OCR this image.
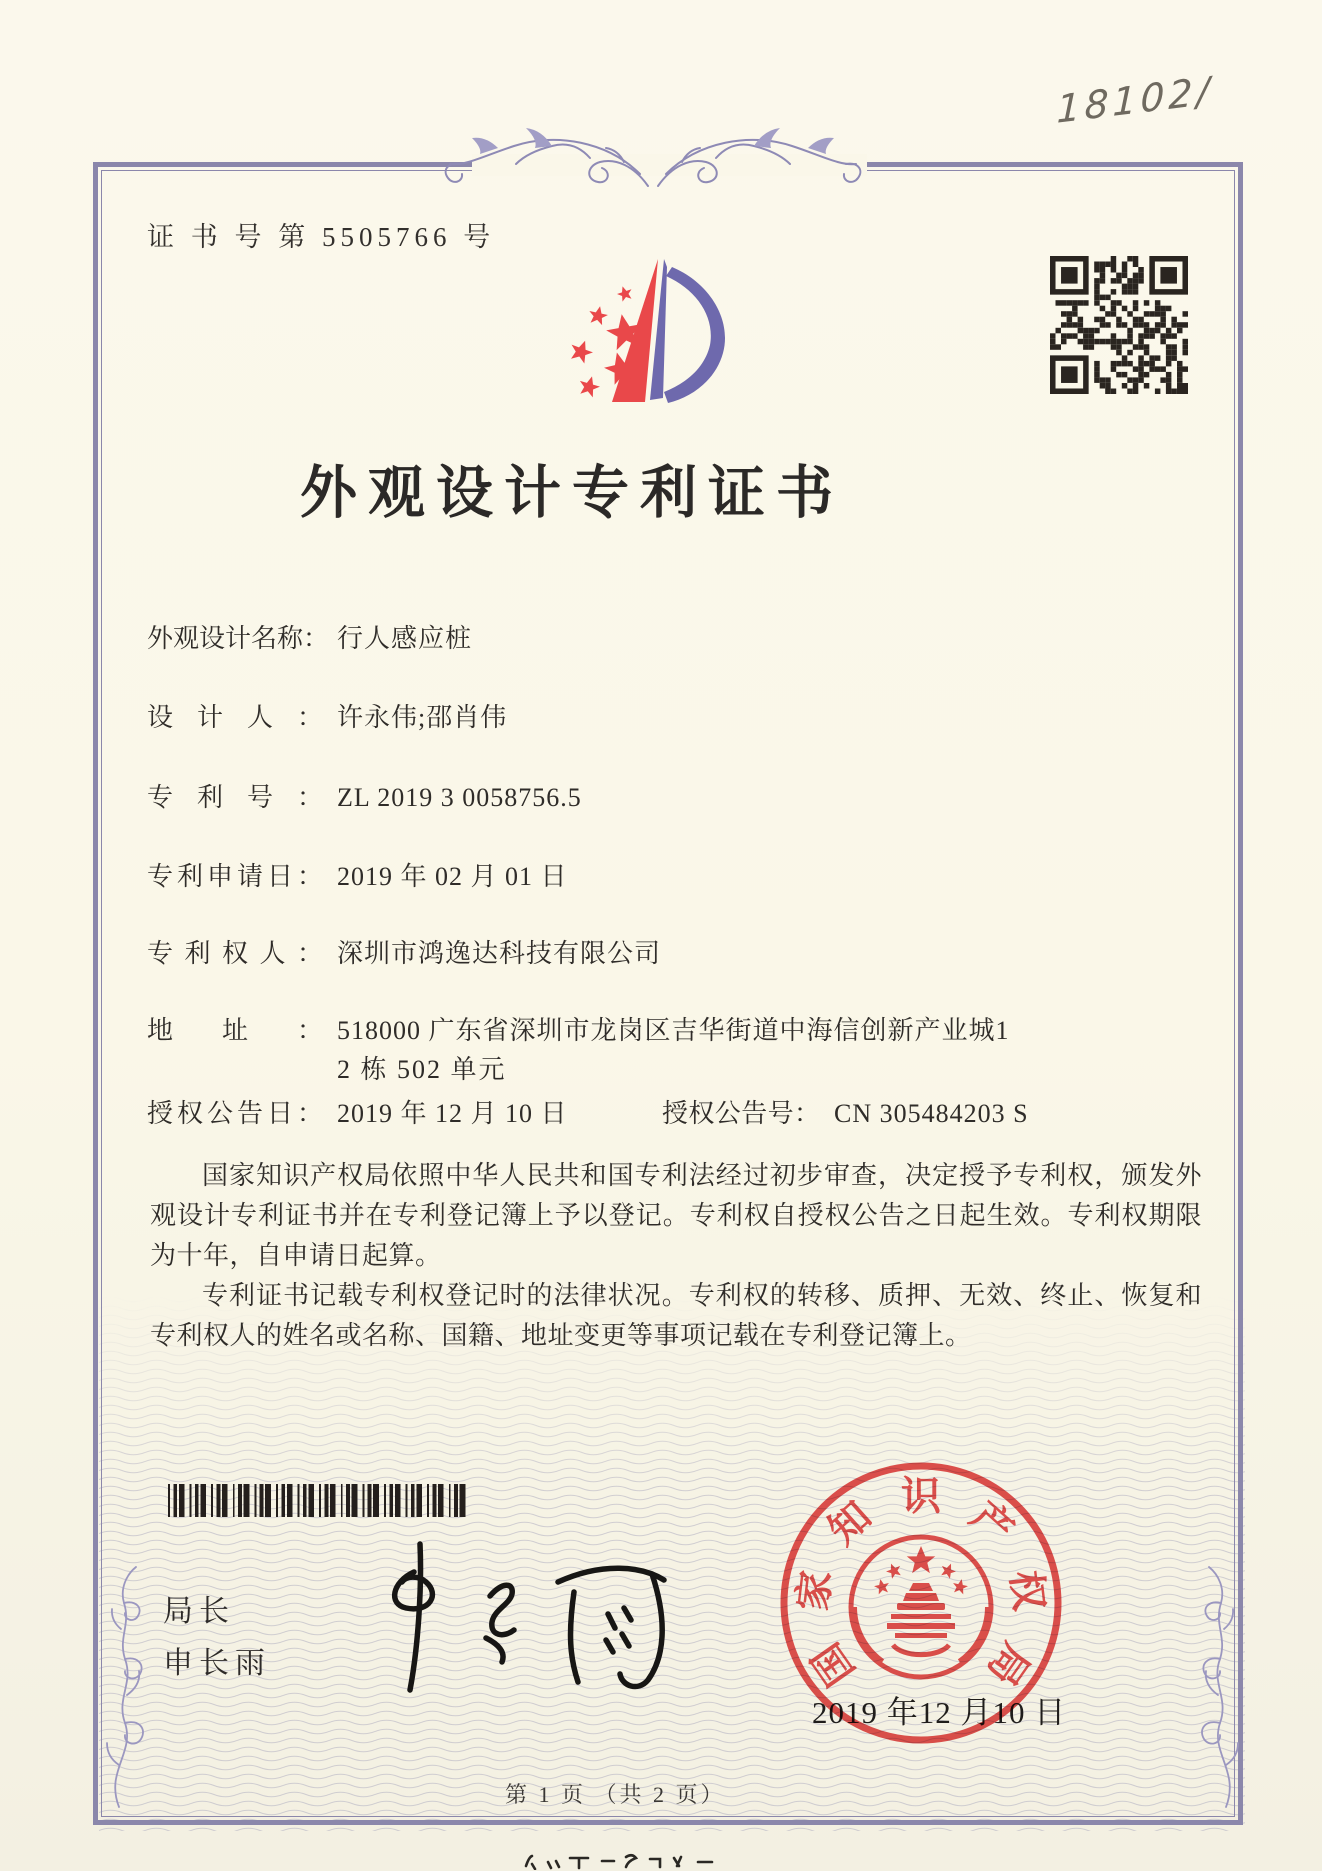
证 书 号 第 5505766 号
18102/
外观设计专利证书
外观设计名称： 行人感应桩
设计人： 许永伟;邵肖伟
专利号： ZL 2019 3 0058756.5
专利申请日： 2019 年 02 月 01 日
专利权人： 深圳市鸿逸达科技有限公司
地址： 518000 广东省深圳市龙岗区吉华街道中海信创新产业城1
2 栋 502 单元
授权公告日： 2019 年 12 月 10 日	授权公告号： CN 305484203 S

国家知识产权局依照中华人民共和国专利法经过初步审查，决定授予专利权，颁发外观设计专利证书并在专利登记簿上予以登记。专利权自授权公告之日起生效。专利权期限为十年，自申请日起算。

专利证书记载专利权登记时的法律状况。专利权的转移、质押、无效、终止、恢复和专利权人的姓名或名称、国籍、地址变更等事项记载在专利登记簿上。

局长
申长雨
2019 年12 月10 日
国
家
知 识 产
权
局
第 1 页 （共 2 页）
